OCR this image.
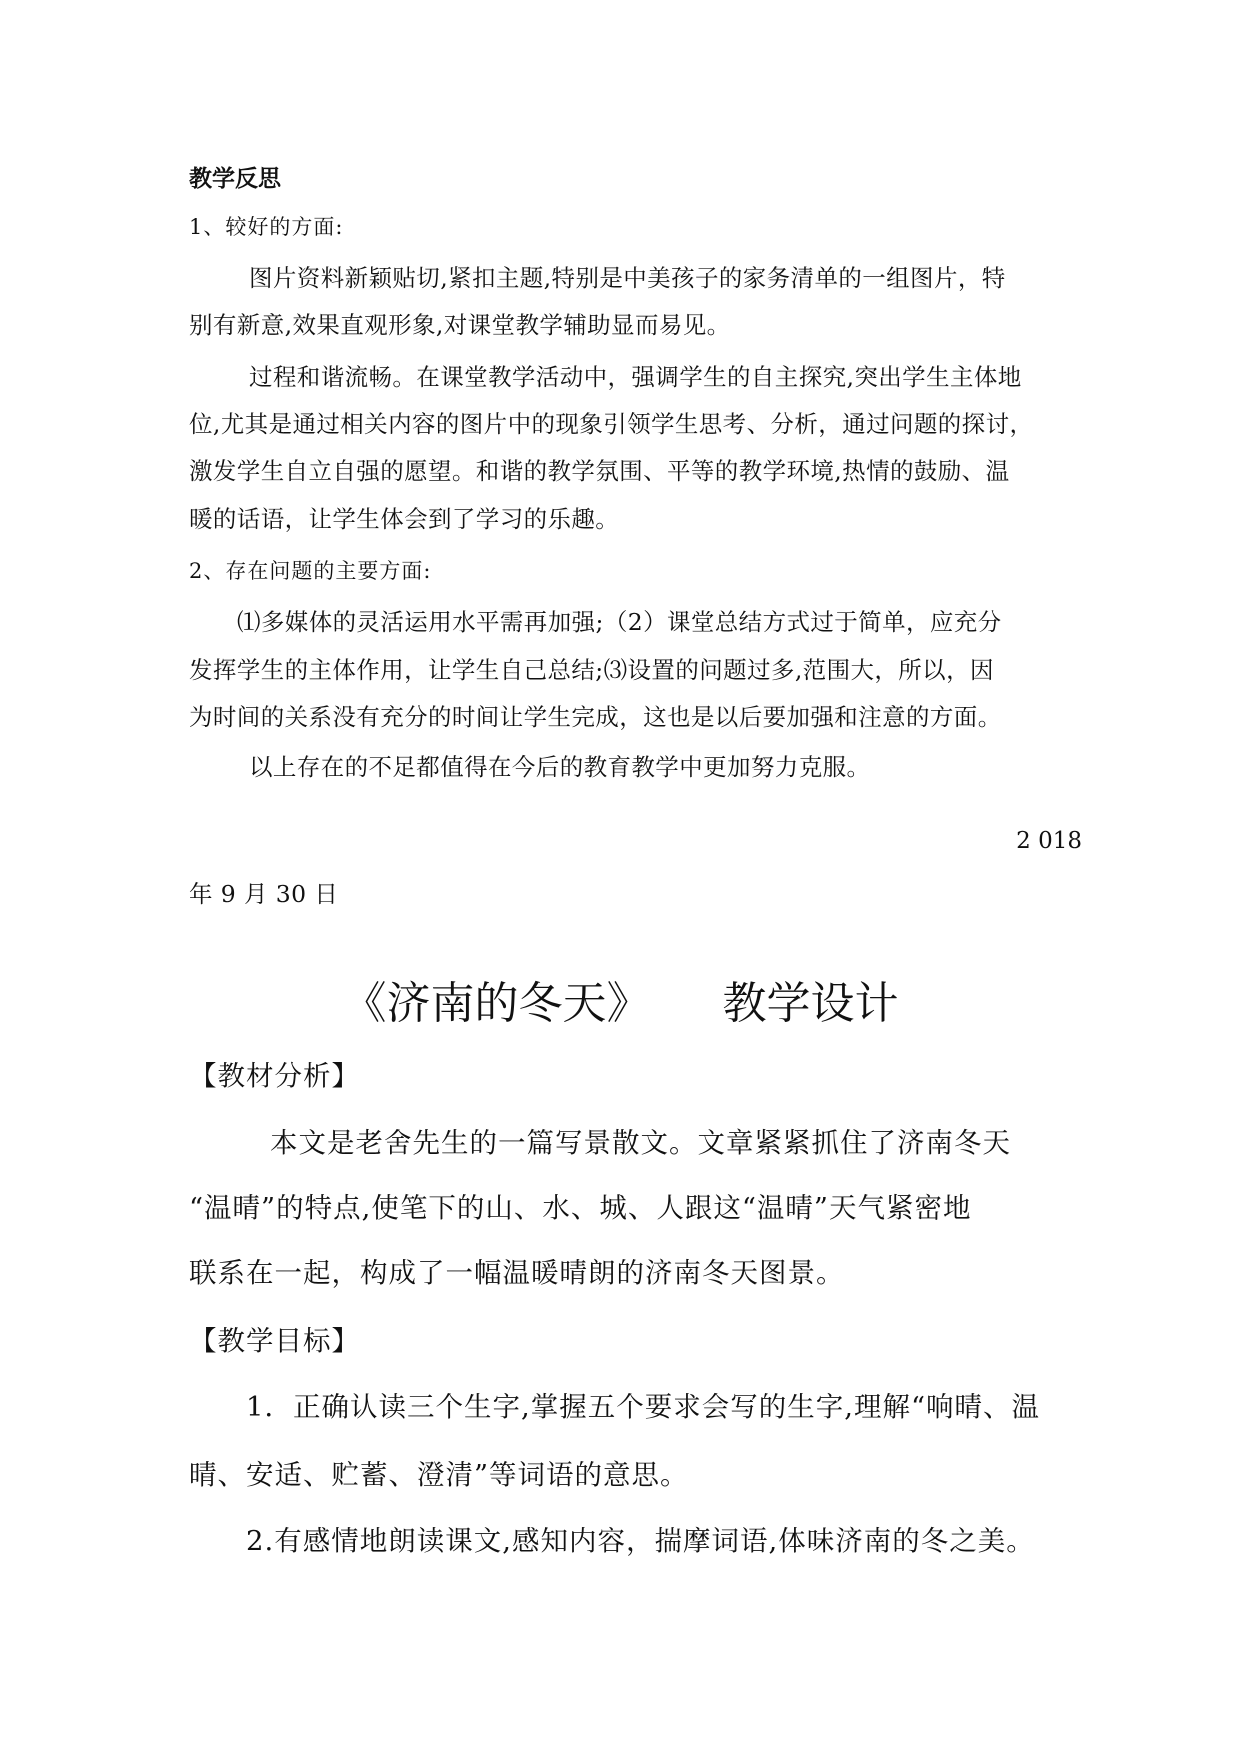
教学反思
1、较好的方面:
图片资料新颖贴切,紧扣主题,特别是中美孩子的家务清单的一组图片，特
别有新意,效果直观形象,对课堂教学辅助显而易见。
过程和谐流畅。在课堂教学活动中，强调学生的自主探究,突出学生主体地
位,尤其是通过相关内容的图片中的现象引领学生思考、分析，通过问题的探讨，
激发学生自立自强的愿望。和谐的教学氛围、平等的教学环境,热情的鼓励、温
暖的话语，让学生体会到了学习的乐趣。
2、存在问题的主要方面:
⑴多媒体的灵活运用水平需再加强;（2）课堂总结方式过于简单，应充分
发挥学生的主体作用，让学生自己总结;⑶设置的问题过多,范围大，所以，因
为时间的关系没有充分的时间让学生完成，这也是以后要加强和注意的方面。
以上存在的不足都值得在今后的教育教学中更加努力克服。
2 018
年 9 月 30 日
《济南的冬天》 教学设计
【教材分析】
本文是老舍先生的一篇写景散文。文章紧紧抓住了济南冬天
“温晴”的特点,使笔下的山、水、城、人跟这“温晴”天气紧密地
联系在一起，构成了一幅温暖晴朗的济南冬天图景。
【教学目标】
1．正确认读三个生字,掌握五个要求会写的生字,理解“响晴、温
晴、安适、贮蓄、澄清”等词语的意思。
2.有感情地朗读课文,感知内容，揣摩词语,体味济南的冬之美。
